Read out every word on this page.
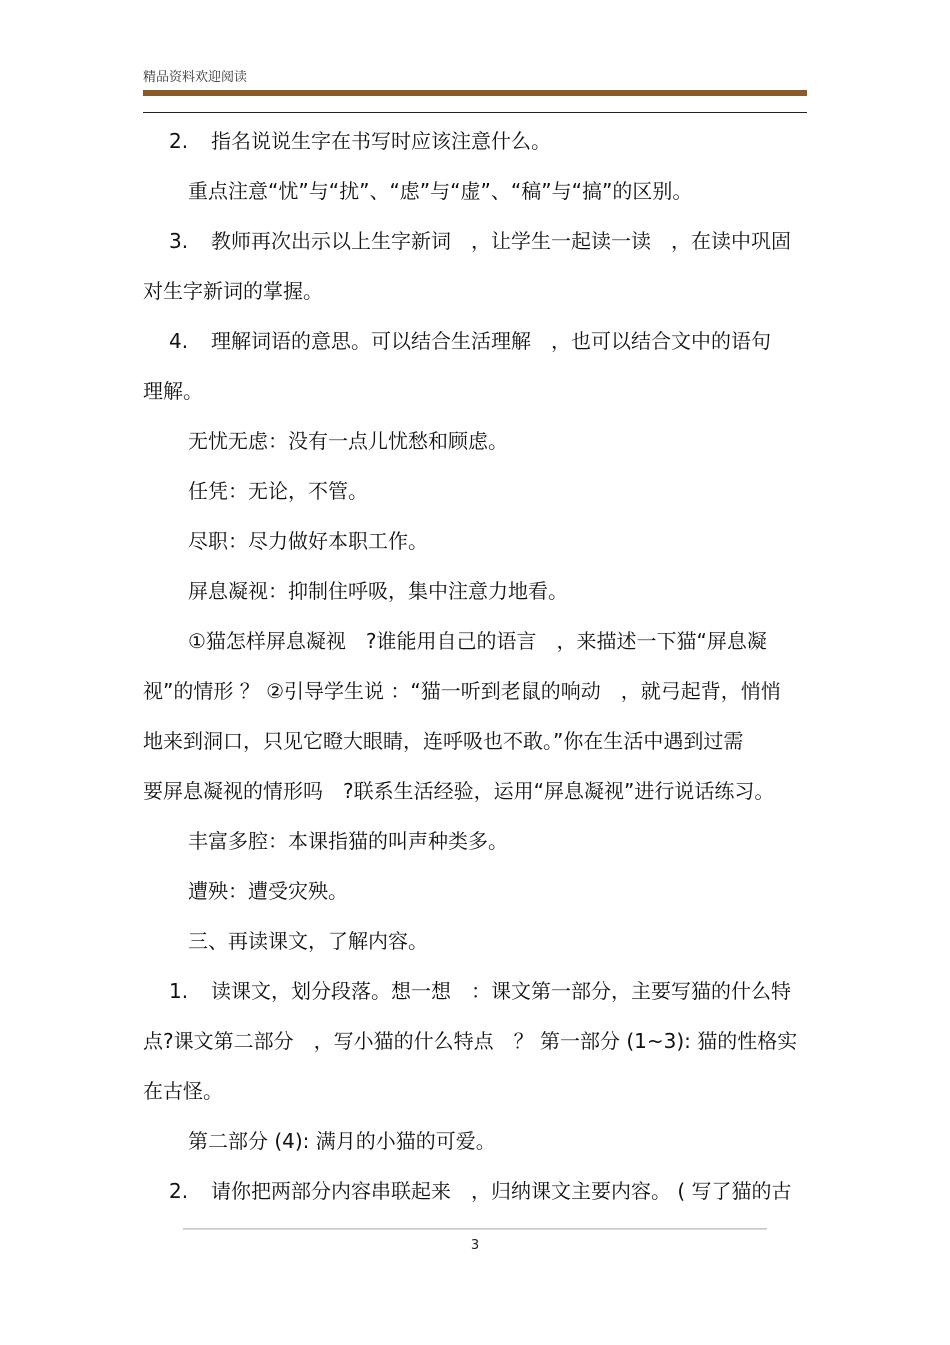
精品资料欢迎阅读
2.	指名说说生字在书写时应该注意什么。

重点注意“忧”与“扰”、“虑”与“虚”、“稿”与“搞”的区别。

3.	教师再次出示以上生字新词　，让学生一起读一读　，在读中巩固

对生字新词的掌握。

4.	理解词语的意思。可以结合生活理解　，也可以结合文中的语句

理解。

无忧无虑：没有一点儿忧愁和顾虑。

任凭：无论，不管。

尽职：尽力做好本职工作。

屏息凝视：抑制住呼吸，集中注意力地看。

①猫怎样屏息凝视　?谁能用自己的语言　，来描述一下猫“屏息凝

视”的情形 ？ ②引导学生说 ：“猫一听到老鼠的响动　，就弓起背，悄悄

地来到洞口，只见它瞪大眼睛，连呼吸也不敢。”你在生活中遇到过需

要屏息凝视的情形吗　?联系生活经验，运用“屏息凝视”进行说话练习。

丰富多腔：本课指猫的叫声种类多。

遭殃：遭受灾殃。

三、再读课文，了解内容。

1.	读课文，划分段落。想一想　：课文第一部分，主要写猫的什么特

点?课文第二部分　，写小猫的什么特点　？ 第一部分 (1~3): 猫的性格实

在古怪。

第二部分 (4): 满月的小猫的可爱。

2.	请你把两部分内容串联起来　，归纳课文主要内容。 ( 写了猫的古
3
